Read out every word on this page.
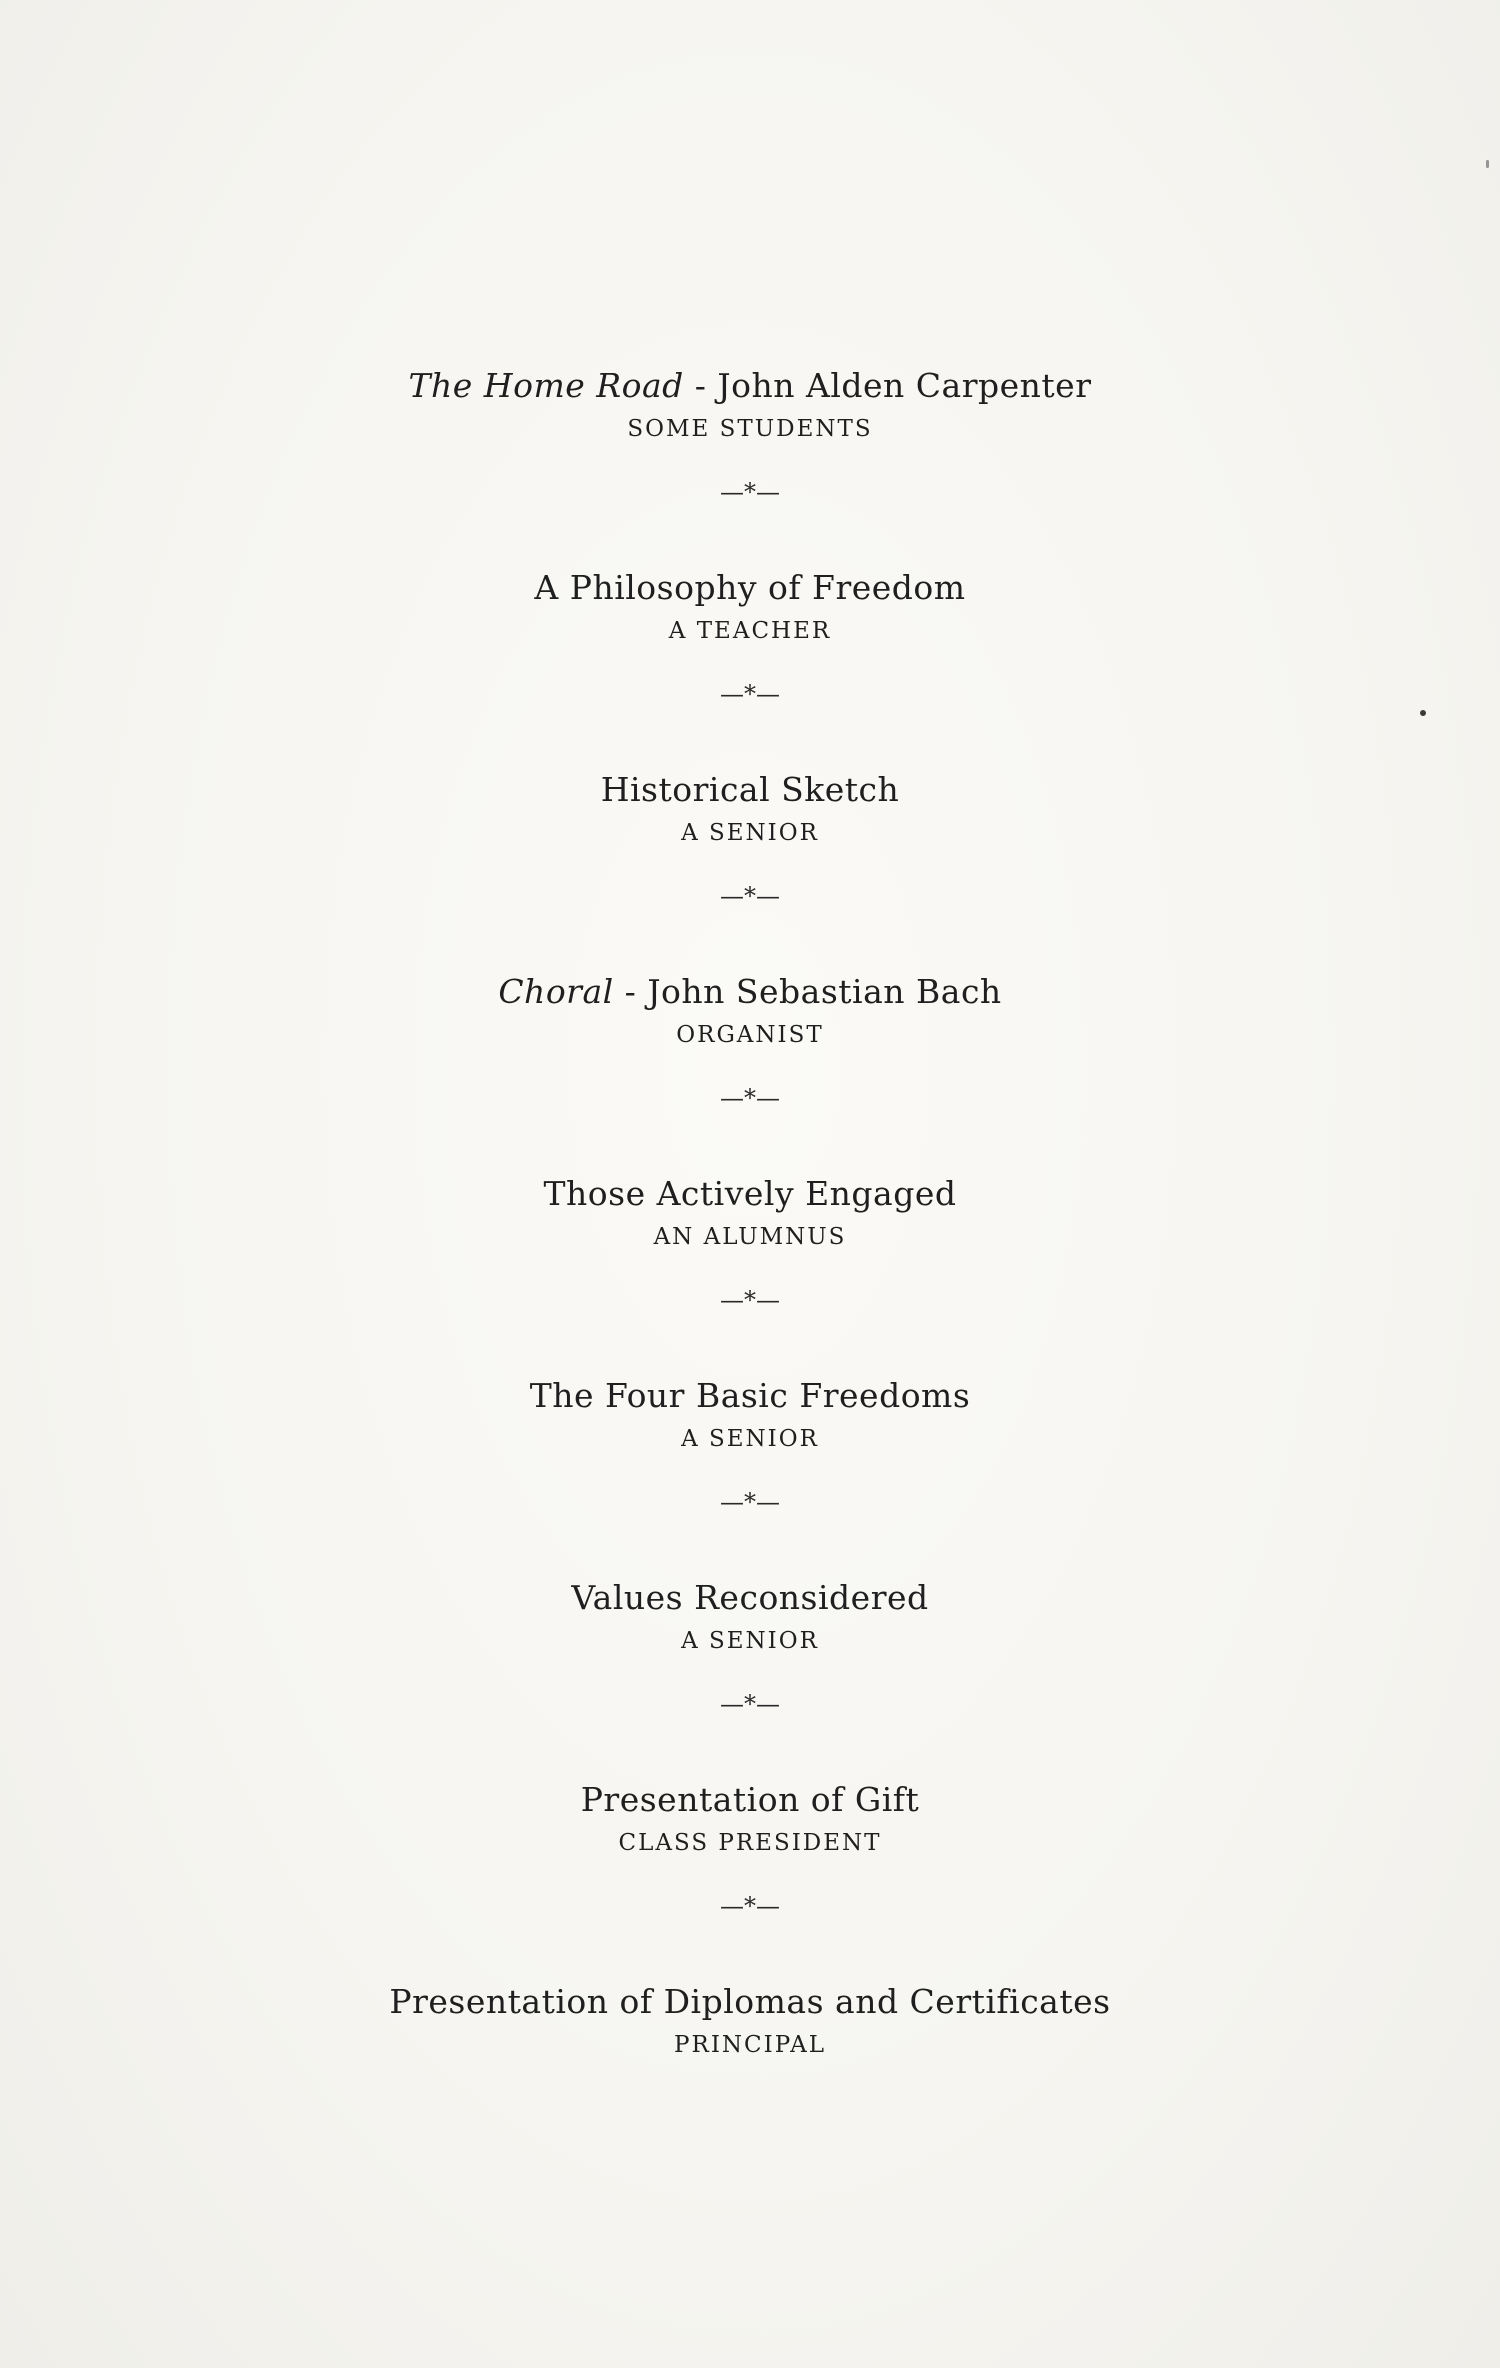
The Home Road - John Alden Carpenter
SOME STUDENTS
—*—
A Philosophy of Freedom
A TEACHER
—*—
Historical Sketch
A SENIOR
—*—
Choral - John Sebastian Bach
ORGANIST
—*—
Those Actively Engaged
AN ALUMNUS
—*—
The Four Basic Freedoms
A SENIOR
—*—
Values Reconsidered
A SENIOR
—*—
Presentation of Gift
CLASS PRESIDENT
—*—
Presentation of Diplomas and Certificates
PRINCIPAL
